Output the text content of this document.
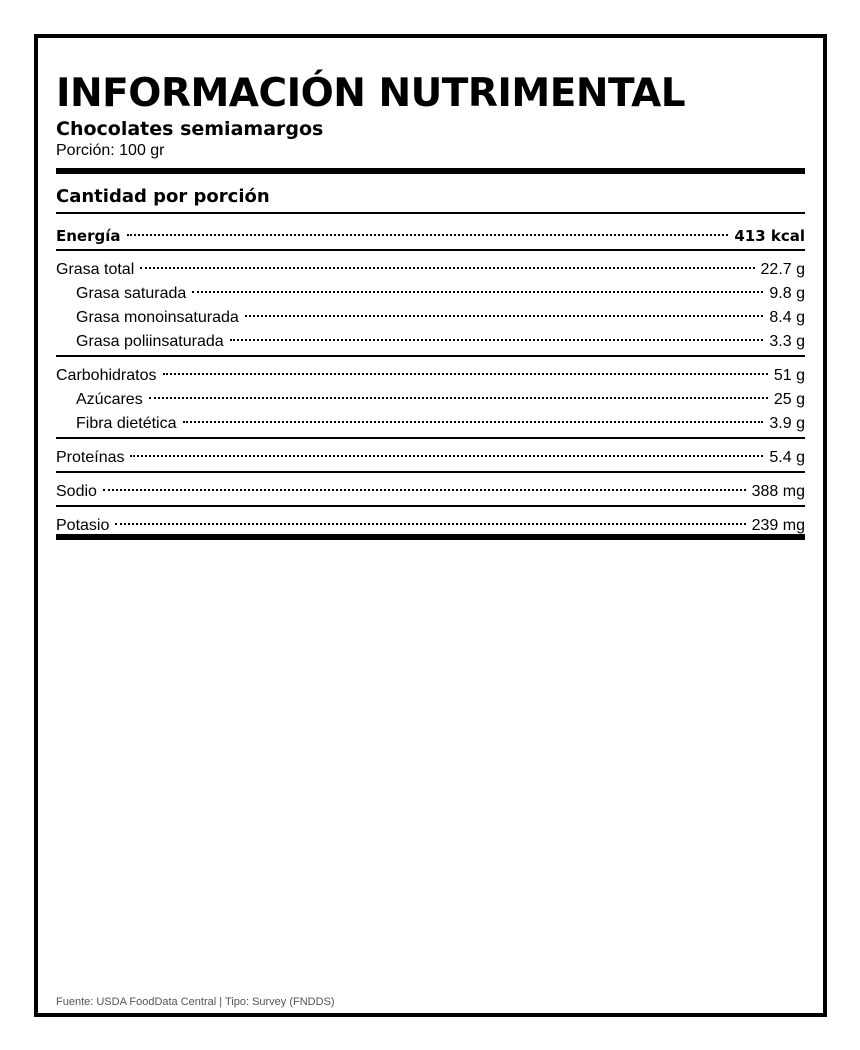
INFORMACIÓN NUTRIMENTAL
Chocolates semiamargos
Porción: 100 gr
Cantidad por porción
Energía	413 kcal
Grasa total	22.7 g
Grasa saturada	9.8 g
Grasa monoinsaturada	8.4 g
Grasa poliinsaturada	3.3 g
Carbohidratos	51 g
Azúcares	25 g
Fibra dietética	3.9 g
Proteínas	5.4 g
Sodio	388 mg
Potasio	239 mg
Fuente: USDA FoodData Central | Tipo: Survey (FNDDS)
